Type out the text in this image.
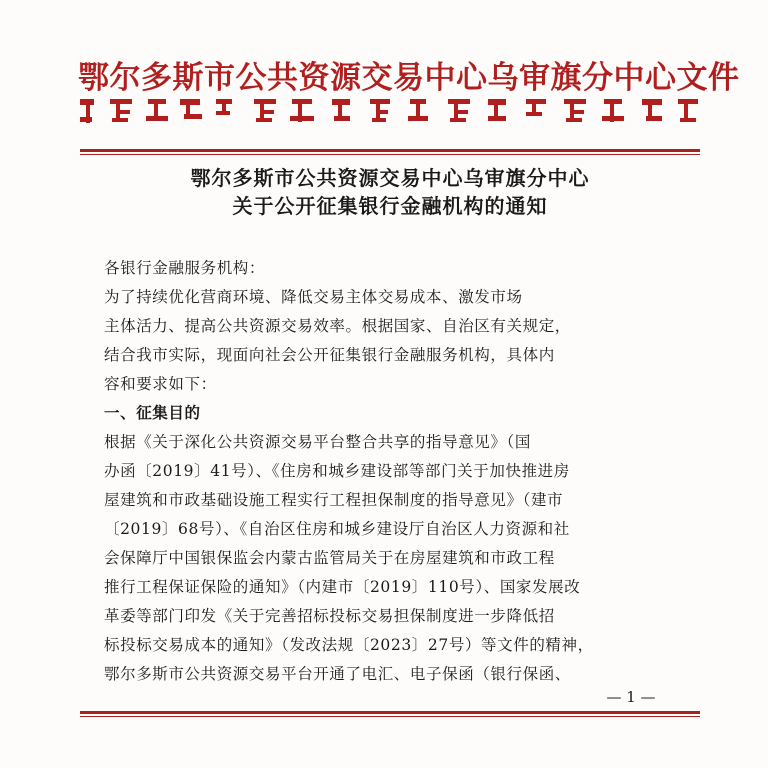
鄂尔多斯市公共资源交易中心乌审旗分中心文件
鄂尔多斯市公共资源交易中心乌审旗分中心
关于公开征集银行金融机构的通知
各银行金融服务机构：
为了持续优化营商环境、降低交易主体交易成本、激发市场
主体活力、提高公共资源交易效率。根据国家、自治区有关规定，
结合我市实际，现面向社会公开征集银行金融服务机构，具体内
容和要求如下：
一、征集目的
根据《关于深化公共资源交易平台整合共享的指导意见》（国
办函〔2019〕41号）、《住房和城乡建设部等部门关于加快推进房
屋建筑和市政基础设施工程实行工程担保制度的指导意见》（建市
〔2019〕68号）、《自治区住房和城乡建设厅自治区人力资源和社
会保障厅中国银保监会内蒙古监管局关于在房屋建筑和市政工程
推行工程保证保险的通知》（内建市〔2019〕110号）、国家发展改
革委等部门印发《关于完善招标投标交易担保制度进一步降低招
标投标交易成本的通知》（发改法规〔2023〕27号）等文件的精神，
鄂尔多斯市公共资源交易平台开通了电汇、电子保函（银行保函、
— 1 —
